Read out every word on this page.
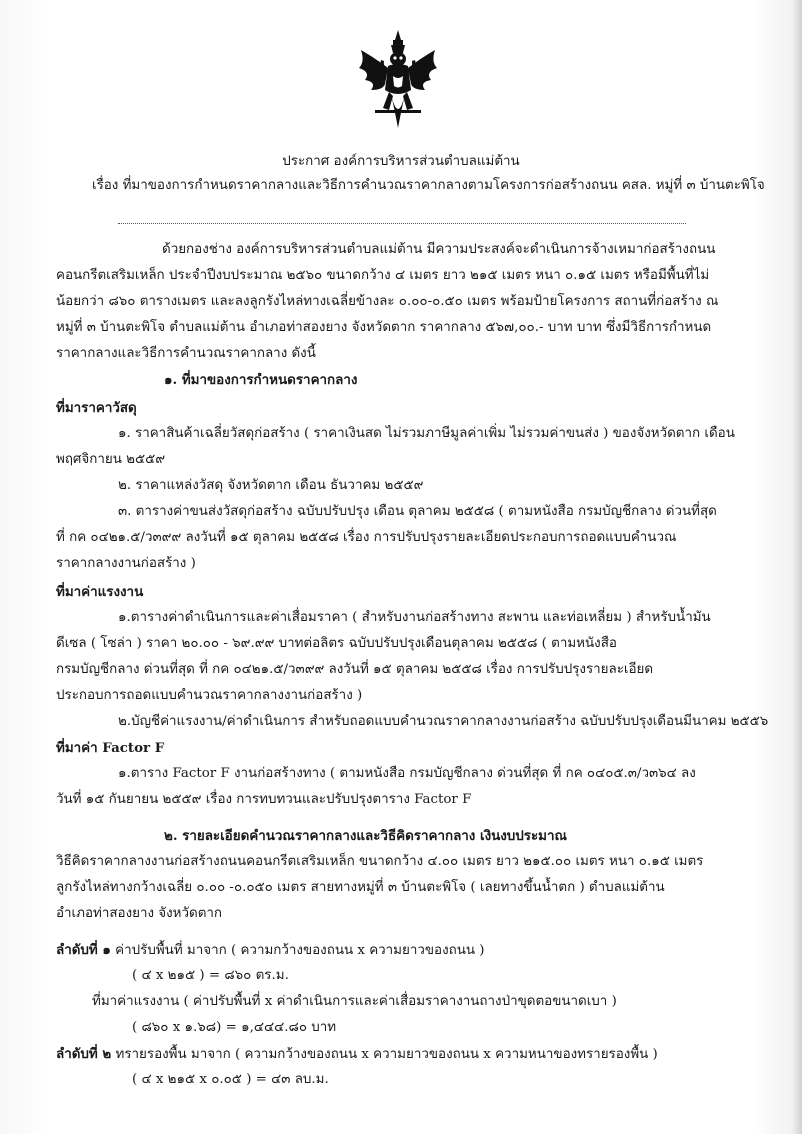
ประกาศ องค์การบริหารส่วนตำบลแม่ต้าน
เรื่อง ที่มาของการกำหนดราคากลางและวิธีการคำนวณราคากลางตามโครงการก่อสร้างถนน คสล. หมู่ที่ ๓ บ้านตะพิโจ
ด้วยกองช่าง องค์การบริหารส่วนตำบลแม่ต้าน มีความประสงค์จะดำเนินการจ้างเหมาก่อสร้างถนน
คอนกรีตเสริมเหล็ก ประจำปีงบประมาณ ๒๕๖๐ ขนาดกว้าง ๔ เมตร ยาว ๒๑๕ เมตร หนา ๐.๑๕ เมตร หรือมีพื้นที่ไม่
น้อยกว่า ๘๖๐ ตารางเมตร และลงลูกรังไหล่ทางเฉลี่ยข้างละ ๐.๐๐-๐.๕๐ เมตร พร้อมป้ายโครงการ สถานที่ก่อสร้าง ณ
หมู่ที่ ๓ บ้านตะพิโจ ตำบลแม่ต้าน อำเภอท่าสองยาง จังหวัดตาก ราคากลาง ๕๖๗,๐๐.- บาท บาท ซึ่งมีวิธีการกำหนด
ราคากลางและวิธีการคำนวณราคากลาง ดังนี้
๑. ที่มาของการกำหนดราคากลาง
ที่มาราคาวัสดุ
๑. ราคาสินค้าเฉลี่ยวัสดุก่อสร้าง ( ราคาเงินสด ไม่รวมภาษีมูลค่าเพิ่ม ไม่รวมค่าขนส่ง ) ของจังหวัดตาก เดือน
พฤศจิกายน ๒๕๕๙
๒. ราคาแหล่งวัสดุ จังหวัดตาก เดือน ธันวาคม ๒๕๕๙
๓. ตารางค่าขนส่งวัสดุก่อสร้าง ฉบับปรับปรุง เดือน ตุลาคม ๒๕๕๘ ( ตามหนังสือ กรมบัญชีกลาง ด่วนที่สุด
ที่ กค ๐๔๒๑.๕/ว๓๙๙ ลงวันที่ ๑๕ ตุลาคม ๒๕๕๘ เรื่อง การปรับปรุงรายละเอียดประกอบการถอดแบบคำนวณ
ราคากลางงานก่อสร้าง )
ที่มาค่าแรงงาน
๑.ตารางค่าดำเนินการและค่าเสื่อมราคา ( สำหรับงานก่อสร้างทาง สะพาน และท่อเหลี่ยม ) สำหรับน้ำมัน
ดีเซล ( โซล่า ) ราคา ๒๐.๐๐ - ๖๙.๙๙ บาทต่อลิตร ฉบับปรับปรุงเดือนตุลาคม ๒๕๕๘ ( ตามหนังสือ
กรมบัญชีกลาง ด่วนที่สุด ที่ กค ๐๔๒๑.๕/ว๓๙๙ ลงวันที่ ๑๕ ตุลาคม ๒๕๕๘ เรื่อง การปรับปรุงรายละเอียด
ประกอบการถอดแบบคำนวณราคากลางงานก่อสร้าง )
๒.บัญชีค่าแรงงาน/ค่าดำเนินการ สำหรับถอดแบบคำนวณราคากลางงานก่อสร้าง ฉบับปรับปรุงเดือนมีนาคม ๒๕๕๖
ที่มาค่า Factor F
๑.ตาราง Factor F งานก่อสร้างทาง ( ตามหนังสือ กรมบัญชีกลาง ด่วนที่สุด ที่ กค ๐๔๐๕.๓/ว๓๖๔ ลง
วันที่ ๑๕ กันยายน ๒๕๕๙ เรื่อง การทบทวนและปรับปรุงตาราง Factor F
๒. รายละเอียดคำนวณราคากลางและวิธีคิดราคากลาง เงินงบประมาณ
วิธีคิดราคากลางงานก่อสร้างถนนคอนกรีตเสริมเหล็ก ขนาดกว้าง ๔.๐๐ เมตร ยาว ๒๑๕.๐๐ เมตร หนา ๐.๑๕ เมตร
ลูกรังไหล่ทางกว้างเฉลี่ย ๐.๐๐ -๐.๐๕๐ เมตร สายทางหมู่ที่ ๓ บ้านตะพิโจ ( เลยทางขึ้นน้ำตก ) ตำบลแม่ต้าน
อำเภอท่าสองยาง จังหวัดตาก
ลำดับที่ ๑ ค่าปรับพื้นที่ มาจาก ( ความกว้างของถนน x ความยาวของถนน )
( ๔ x ๒๑๕ ) = ๘๖๐ ตร.ม.
ที่มาค่าแรงงาน ( ค่าปรับพื้นที่ x ค่าดำเนินการและค่าเสื่อมราคางานถางป่าขุดตอขนาดเบา )
( ๘๖๐ x ๑.๖๘) = ๑,๔๔๔.๘๐ บาท
ลำดับที่ ๒ ทรายรองพื้น มาจาก ( ความกว้างของถนน x ความยาวของถนน x ความหนาของทรายรองพื้น )
( ๔ x ๒๑๕ x ๐.๐๕ ) = ๔๓ ลบ.ม.
